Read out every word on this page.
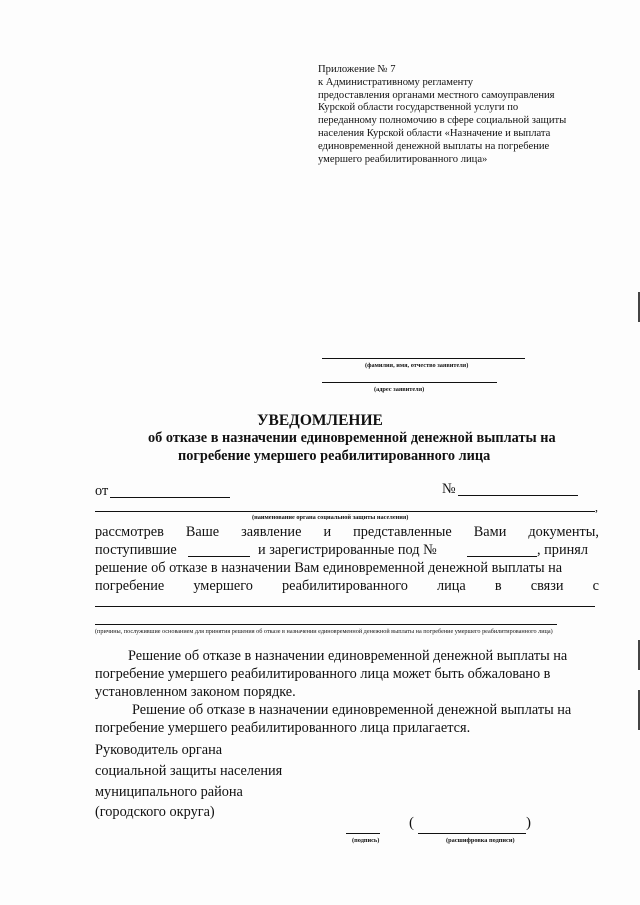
Приложение № 7
к Административному регламенту
предоставления органами местного самоуправления
Курской области государственной услуги по
переданному полномочию в сфере социальной защиты
населения Курской области «Назначение и выплата
единовременной денежной выплаты на погребение
умершего реабилитированного лица»
(фамилия, имя, отчество заявителя)
(адрес заявителя)
УВЕДОМЛЕНИЕ
об отказе в назначении единовременной денежной выплаты на
погребение умершего реабилитированного лица
от	№
,
(наименование органа социальной защиты населения)
рассмотрев Ваше заявление и представленные Вами документы,
поступившие	и зарегистрированные под №	, принял
решение об отказе в назначении Вам единовременной денежной выплаты на
погребение умершего реабилитированного лица в связи с
(причины, послужившие основанием для принятия решения об отказе в назначении единовременной денежной выплаты на погребение умершего реабилитированного лица)
Решение об отказе в назначении единовременной денежной выплаты на
погребение умершего реабилитированного лица может быть обжаловано в
установленном законом порядке.
Решение об отказе в назначении единовременной денежной выплаты на
погребение умершего реабилитированного лица прилагается.
Руководитель органа
социальной защиты населения
муниципального района
(городского округа)
(подпись)
(	)
(расшифровка подписи)
